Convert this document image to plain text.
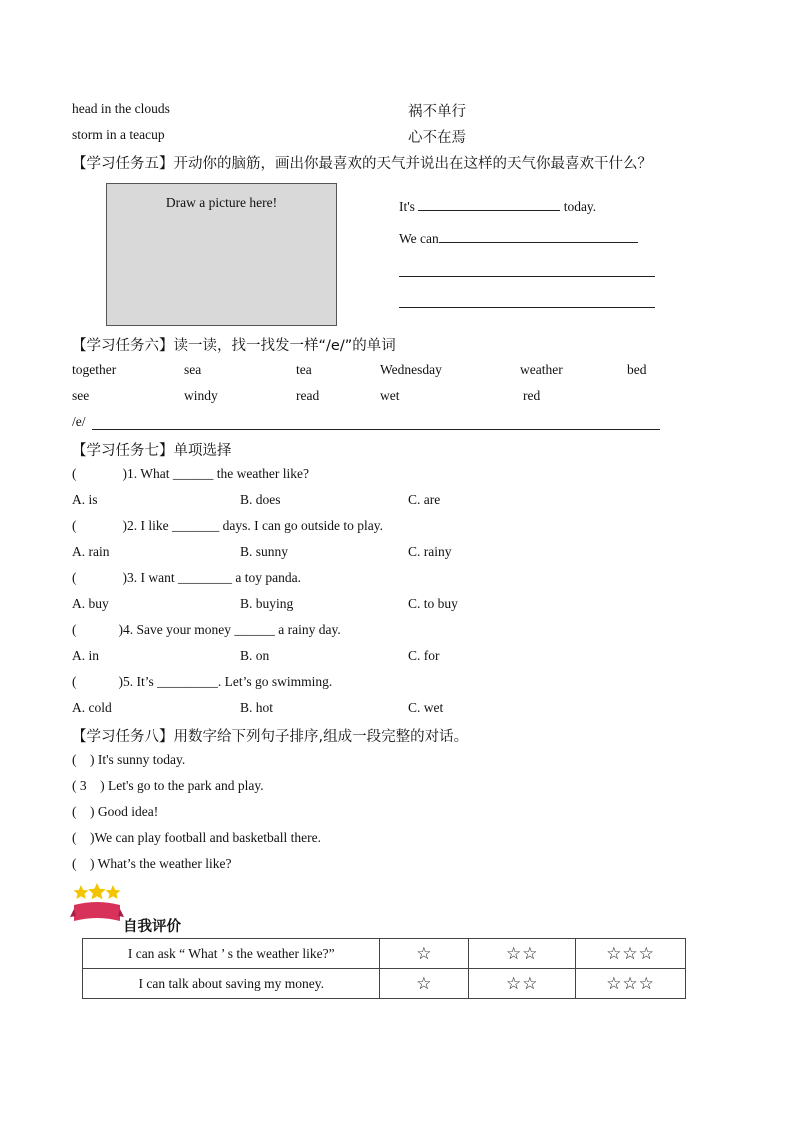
head in the clouds	祸不单行
storm in a teacup	心不在焉
【学习任务五】开动你的脑筋，画出你最喜欢的天气并说出在这样的天气你最喜欢干什么？
Draw a picture here!	It's	today.
We can
【学习任务六】读一读，找一找发一样“/e/”的单词
together	sea	tea	Wednesday	weather	bed
see	windy	read	wet	red
/e/
【学习任务七】单项选择
(	)1. What ______ the weather like?
A. is	B. does	C. are
(	)2. I like _______ days. I can go outside to play.
A. rain	B. sunny	C. rainy
(	)3. I want ________ a toy panda.
A. buy	B. buying	C. to buy
(	)4. Save your money ______ a rainy day.
A. in	B. on	C. for
(	)5. It’s _________. Let’s go swimming.
A. cold	B. hot	C. wet
【学习任务八】用数字给下列句子排序,组成一段完整的对话。
(    ) It's sunny today.
( 3    ) Let's go to the park and play.
(    ) Good idea!
(    )We can play football and basketball there.
(    ) What’s the weather like?
自我评价
I can ask “ What ’ s the weather like?”	☆	☆☆	☆☆☆
I can talk about saving my money.	☆	☆☆	☆☆☆
